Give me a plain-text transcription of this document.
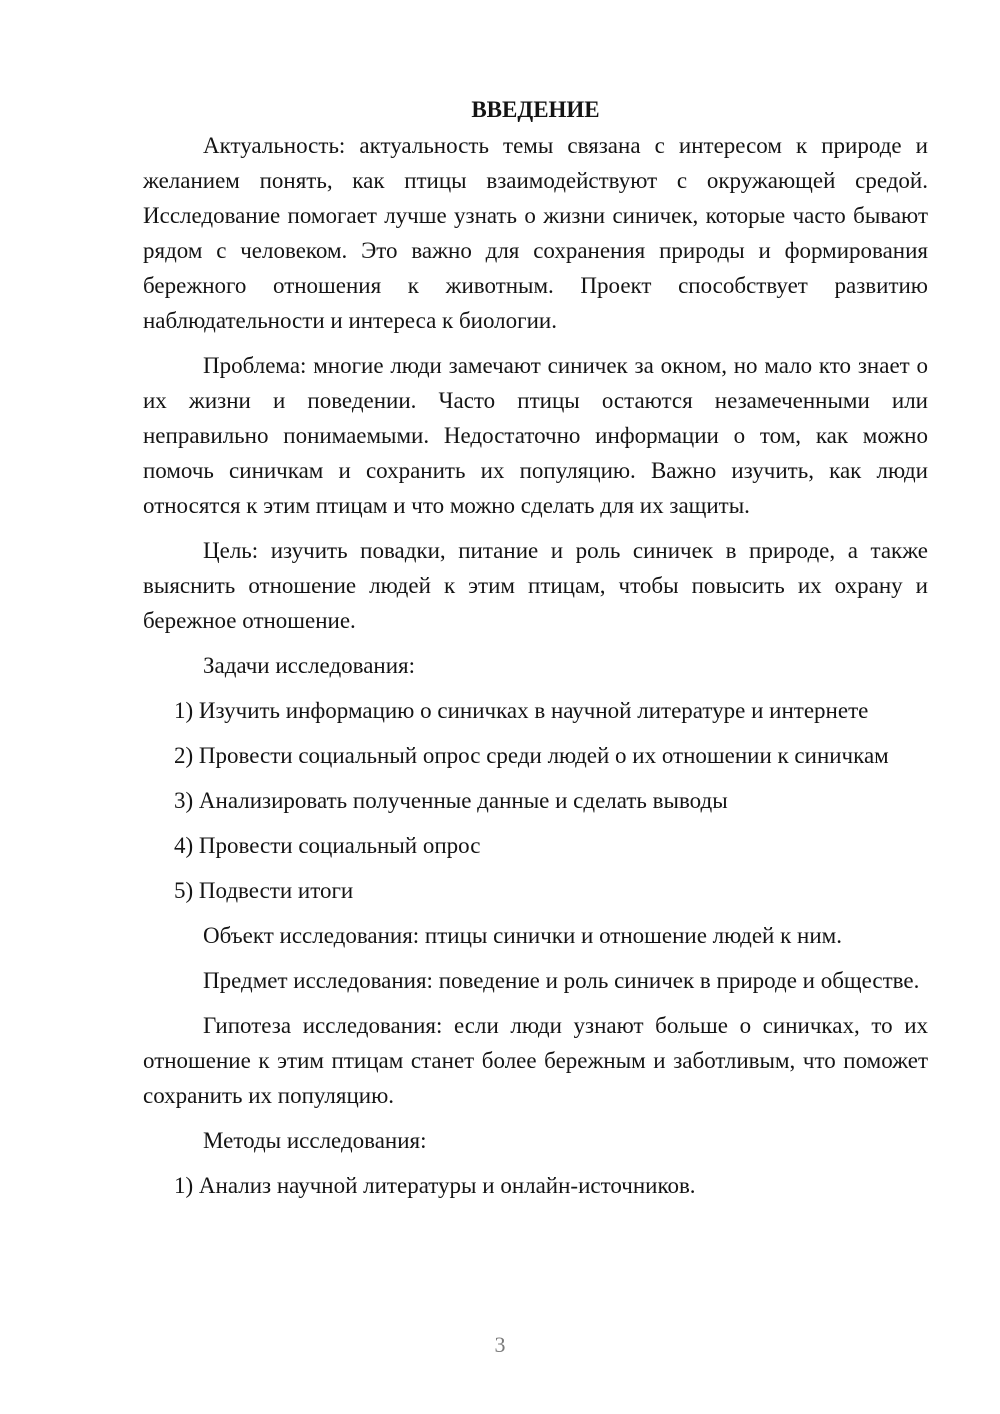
ВВЕДЕНИЕ

Актуальность: актуальность темы связана с интересом к природе и желанием понять, как птицы взаимодействуют с окружающей средой. Исследование помогает лучше узнать о жизни синичек, которые часто бывают рядом с человеком. Это важно для сохранения природы и формирования бережного отношения к животным. Проект способствует развитию наблюдательности и интереса к биологии.

Проблема: многие люди замечают синичек за окном, но мало кто знает о их жизни и поведении. Часто птицы остаются незамеченными или неправильно понимаемыми. Недостаточно информации о том, как можно помочь синичкам и сохранить их популяцию. Важно изучить, как люди относятся к этим птицам и что можно сделать для их защиты.

Цель: изучить повадки, питание и роль синичек в природе, а также выяснить отношение людей к этим птицам, чтобы повысить их охрану и бережное отношение.

Задачи исследования:

1) Изучить информацию о синичках в научной литературе и интернете

2) Провести социальный опрос среди людей о их отношении к синичкам

3) Анализировать полученные данные и сделать выводы

4) Провести социальный опрос

5) Подвести итоги

Объект исследования: птицы синички и отношение людей к ним.

Предмет исследования: поведение и роль синичек в природе и обществе.

Гипотеза исследования: если люди узнают больше о синичках, то их отношение к этим птицам станет более бережным и заботливым, что поможет сохранить их популяцию.

Методы исследования:

1) Анализ научной литературы и онлайн-источников.

3
